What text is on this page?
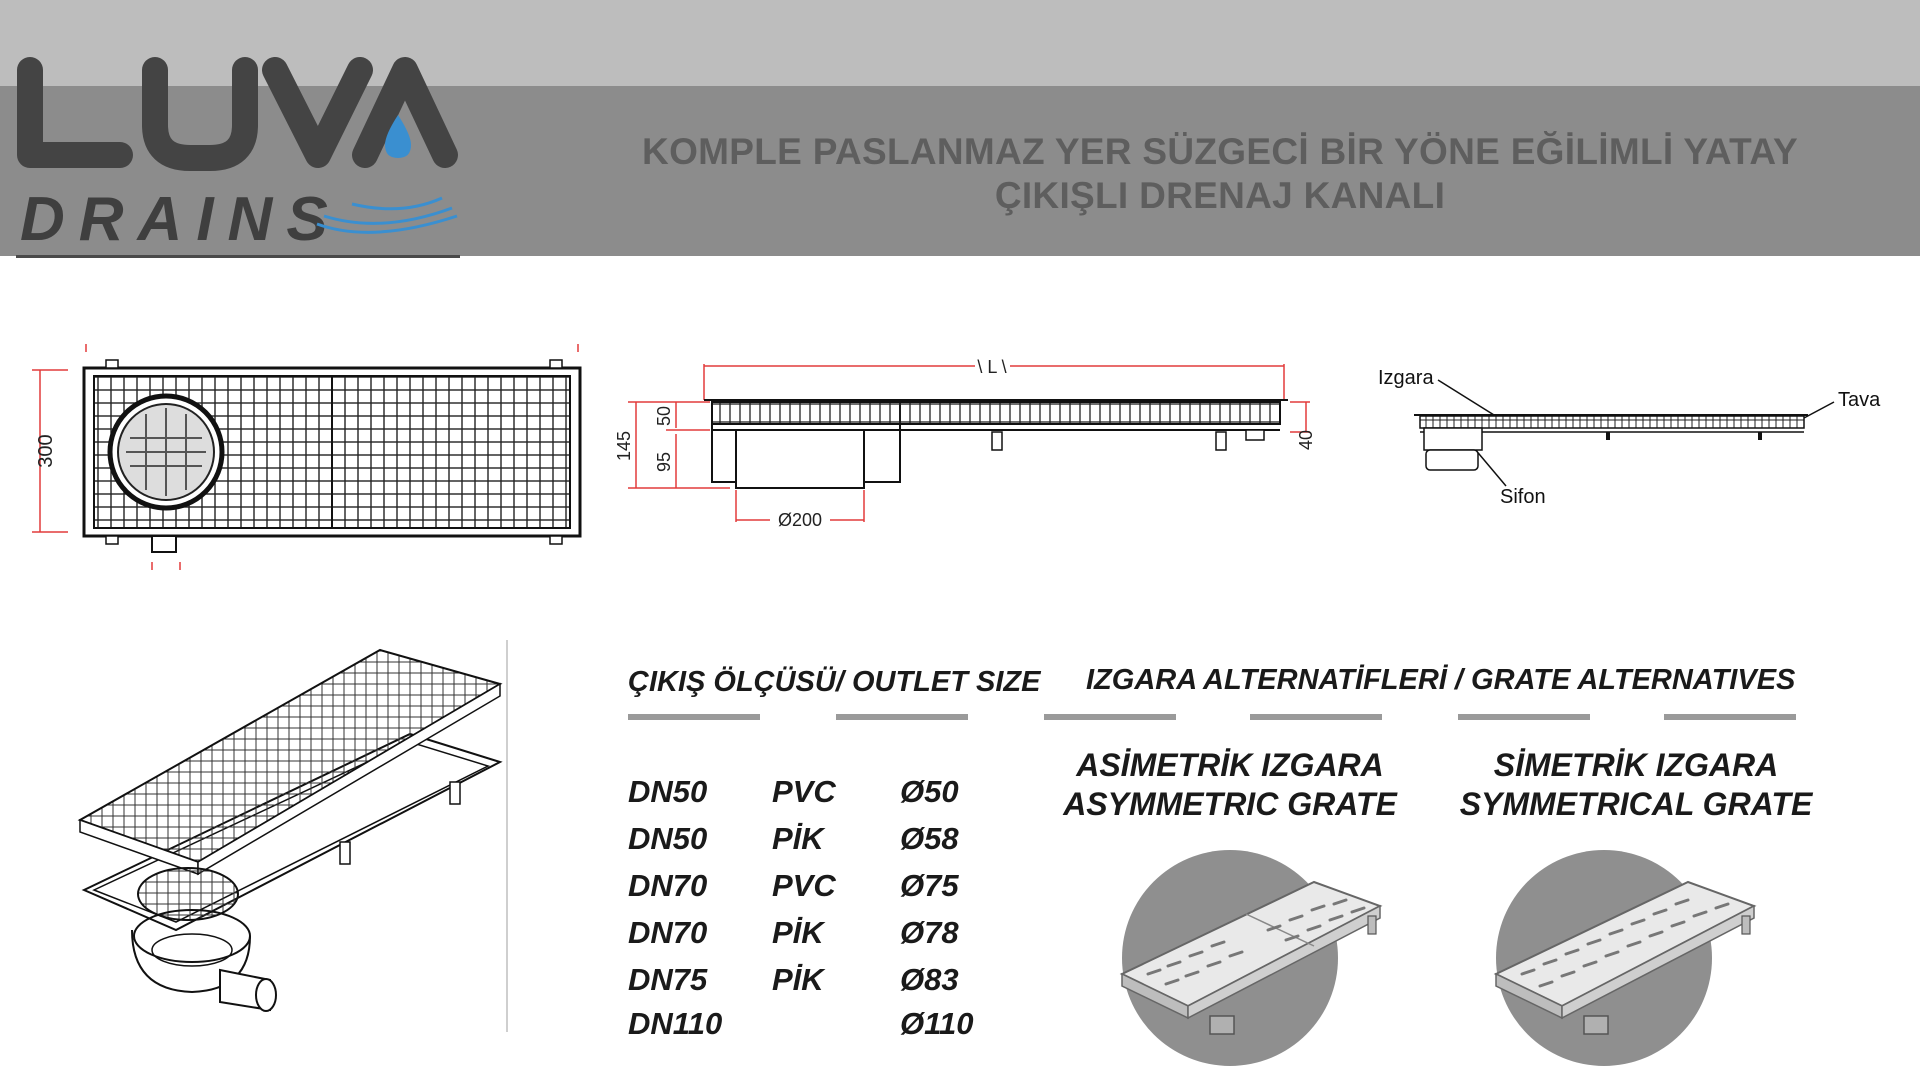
DRAINS
KOMPLE PASLANMAZ YER SÜZGECİ BİR YÖNE EĞİLİMLİ YATAY
ÇIKIŞLI DRENAJ KANALI
300
\ L \
145
50
95
40
Ø200
Izgara
Tava
Sifon
ÇIKIŞ ÖLÇÜSÜ/ OUTLET SIZE
DN50 PVC Ø50
DN50 PİK Ø58
DN70 PVC Ø75
DN70 PİK Ø78
DN75 PİK Ø83
DN110	Ø110
IZGARA ALTERNATİFLERİ / GRATE ALTERNATIVES
ASİMETRİK IZGARA
ASYMMETRIC GRATE
SİMETRİK IZGARA
SYMMETRICAL GRATE
